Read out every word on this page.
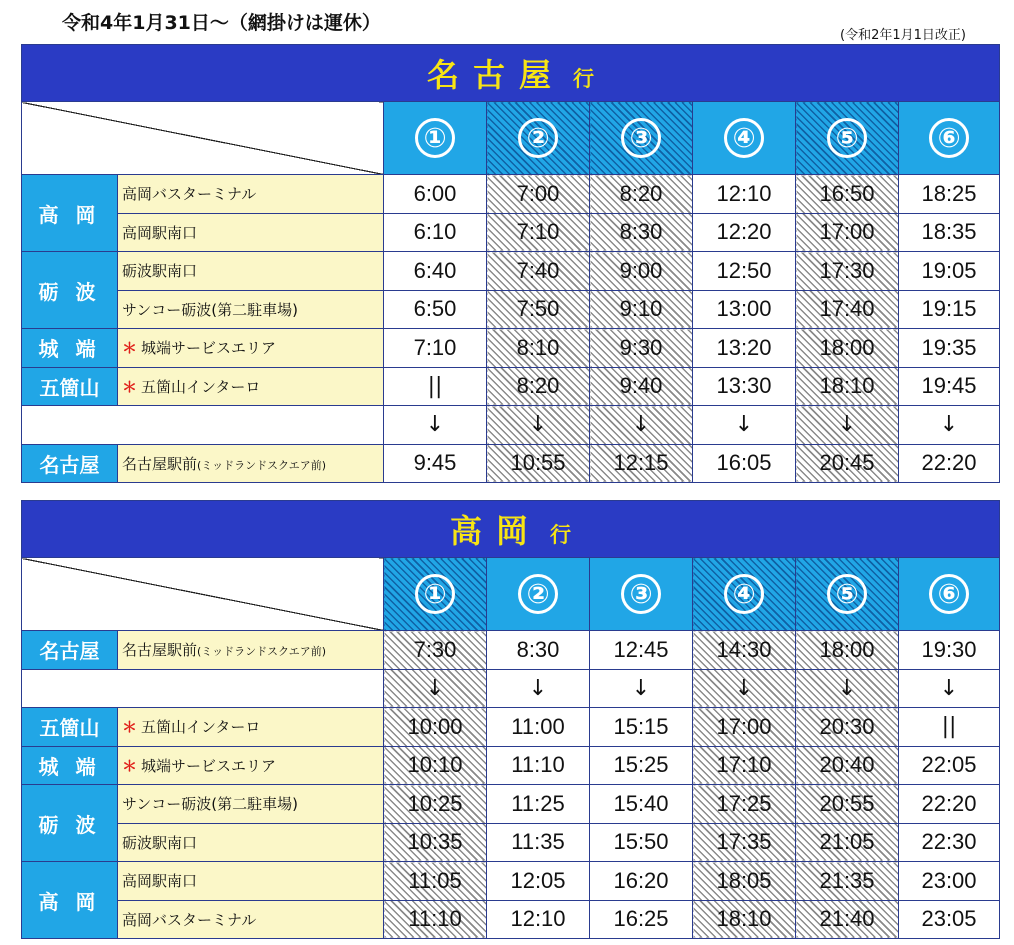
令和4年1月31日～（網掛けは運休）
(令和2年1月1日改正)
名古屋 行							
		①	②	③	④	⑤	⑥
高 岡	高岡バスターミナル	6:00	7:00	8:20	12:10	16:50	18:25
	高岡駅南口	6:10	7:10	8:30	12:20	17:00	18:35
砺 波	砺波駅南口	6:40	7:40	9:00	12:50	17:30	19:05
	サンコー砺波(第二駐車場)	6:50	7:50	9:10	13:00	17:40	19:15
城 端	＊ 城端サービスエリア	7:10	8:10	9:30	13:20	18:00	19:35
五箇山	＊ 五箇山インターロ	||	8:20	9:40	13:30	18:10	19:45
		↓	↓	↓	↓	↓	↓
名古屋	名古屋駅前(ミッドランドスクエア前)	9:45	10:55	12:15	16:05	20:45	22:20
高岡 行							
		①	②	③	④	⑤	⑥
名古屋	名古屋駅前(ミッドランドスクエア前)	7:30	8:30	12:45	14:30	18:00	19:30
		↓	↓	↓	↓	↓	↓
五箇山	＊ 五箇山インターロ	10:00	11:00	15:15	17:00	20:30	||
城 端	＊ 城端サービスエリア	10:10	11:10	15:25	17:10	20:40	22:05
砺 波	サンコー砺波(第二駐車場)	10:25	11:25	15:40	17:25	20:55	22:20
	砺波駅南口	10:35	11:35	15:50	17:35	21:05	22:30
高 岡	高岡駅南口	11:05	12:05	16:20	18:05	21:35	23:00
	高岡バスターミナル	11:10	12:10	16:25	18:10	21:40	23:05
